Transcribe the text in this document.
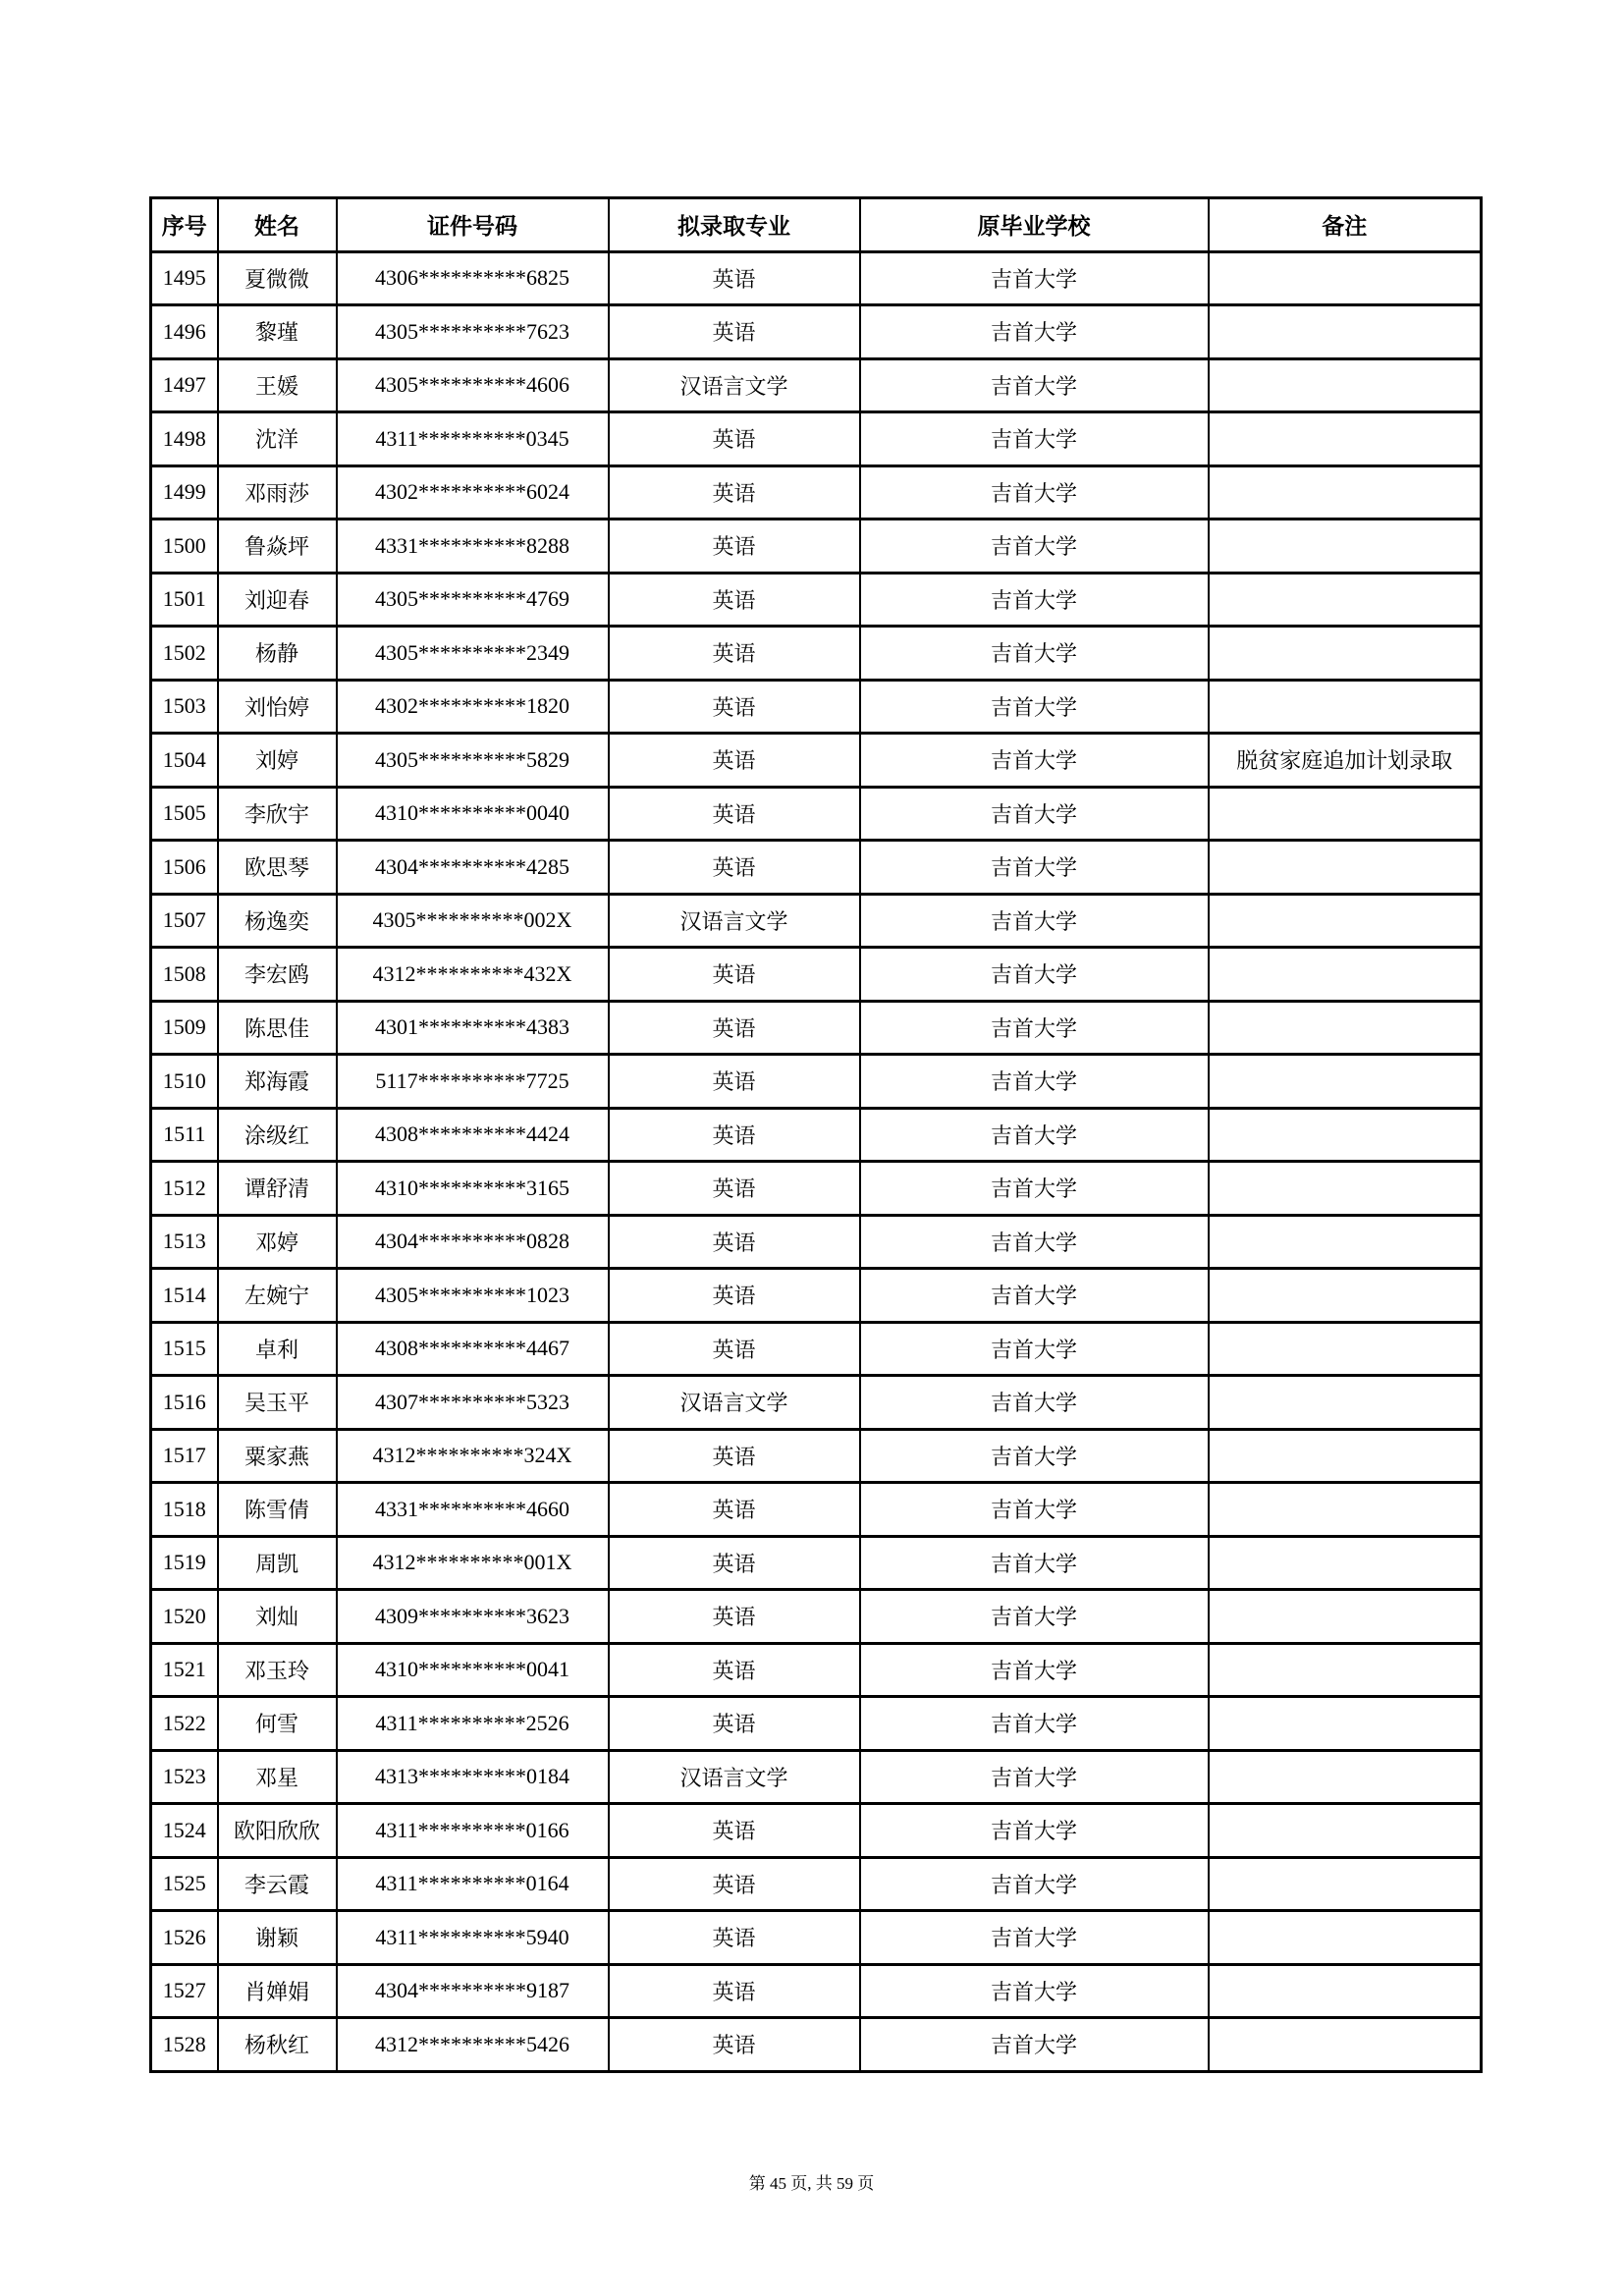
序号	姓名	证件号码	拟录取专业	原毕业学校	备注
1495	夏微微	4306**********6825	英语	吉首大学	
1496	黎瑾	4305**********7623	英语	吉首大学	
1497	王媛	4305**********4606	汉语言文学	吉首大学	
1498	沈洋	4311**********0345	英语	吉首大学	
1499	邓雨莎	4302**********6024	英语	吉首大学	
1500	鲁焱坪	4331**********8288	英语	吉首大学	
1501	刘迎春	4305**********4769	英语	吉首大学	
1502	杨静	4305**********2349	英语	吉首大学	
1503	刘怡婷	4302**********1820	英语	吉首大学	
1504	刘婷	4305**********5829	英语	吉首大学	脱贫家庭追加计划录取
1505	李欣宇	4310**********0040	英语	吉首大学	
1506	欧思琴	4304**********4285	英语	吉首大学	
1507	杨逸奕	4305**********002X	汉语言文学	吉首大学	
1508	李宏鸥	4312**********432X	英语	吉首大学	
1509	陈思佳	4301**********4383	英语	吉首大学	
1510	郑海霞	5117**********7725	英语	吉首大学	
1511	涂级红	4308**********4424	英语	吉首大学	
1512	谭舒清	4310**********3165	英语	吉首大学	
1513	邓婷	4304**********0828	英语	吉首大学	
1514	左婉宁	4305**********1023	英语	吉首大学	
1515	卓利	4308**********4467	英语	吉首大学	
1516	吴玉平	4307**********5323	汉语言文学	吉首大学	
1517	粟家燕	4312**********324X	英语	吉首大学	
1518	陈雪倩	4331**********4660	英语	吉首大学	
1519	周凯	4312**********001X	英语	吉首大学	
1520	刘灿	4309**********3623	英语	吉首大学	
1521	邓玉玲	4310**********0041	英语	吉首大学	
1522	何雪	4311**********2526	英语	吉首大学	
1523	邓星	4313**********0184	汉语言文学	吉首大学	
1524	欧阳欣欣	4311**********0166	英语	吉首大学	
1525	李云霞	4311**********0164	英语	吉首大学	
1526	谢颖	4311**********5940	英语	吉首大学	
1527	肖婵娟	4304**********9187	英语	吉首大学	
1528	杨秋红	4312**********5426	英语	吉首大学	
第 45 页, 共 59 页
